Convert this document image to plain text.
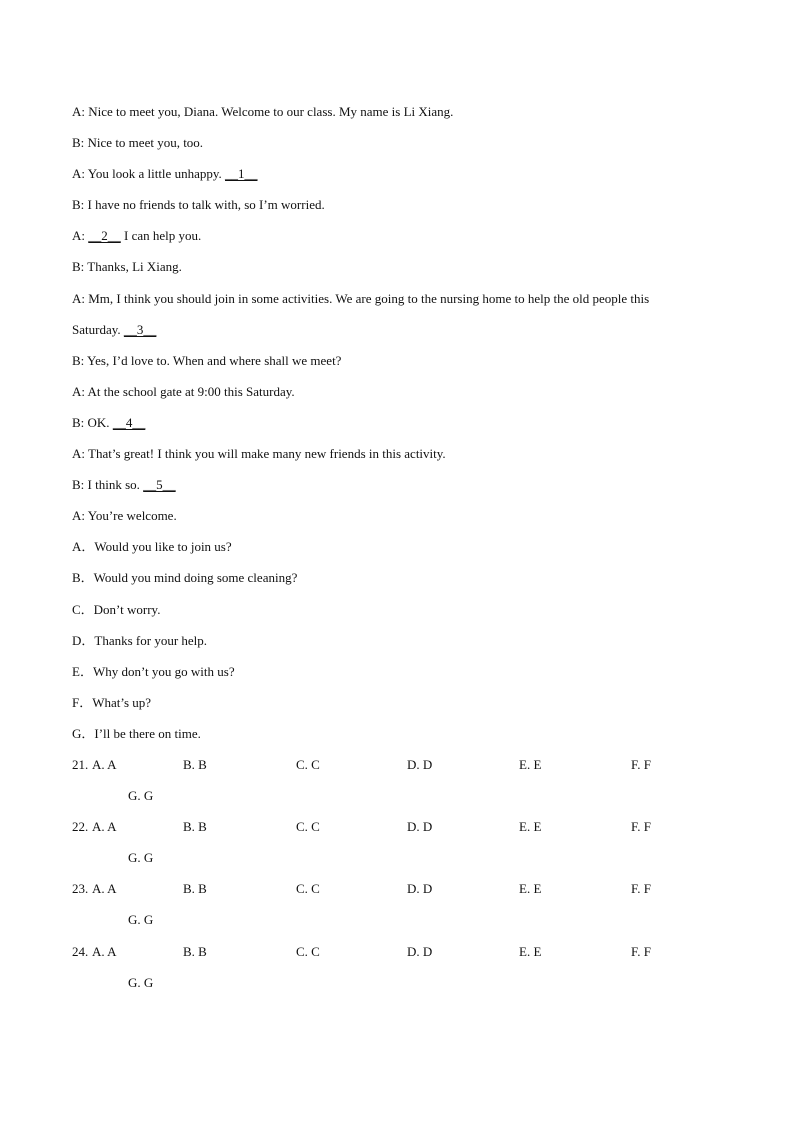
A: Nice to meet you, Diana. Welcome to our class. My name is Li Xiang.
B: Nice to meet you, too.
A: You look a little unhappy. __1__
B: I have no friends to talk with, so I’m worried.
A: __2__ I can help you.
B: Thanks, Li Xiang.
A: Mm, I think you should join in some activities. We are going to the nursing home to help the old people this
Saturday. __3__
B: Yes, I’d love to. When and where shall we meet?
A: At the school gate at 9:00 this Saturday.
B: OK. __4__
A: That’s great! I think you will make many new friends in this activity.
B: I think so. __5__
A: You’re welcome.
A．Would you like to join us?
B．Would you mind doing some cleaning?
C．Don’t worry.
D．Thanks for your help.
E．Why don’t you go with us?
F．What’s up?
G．I’ll be there on time.
21. A. A	B. B	C. C	D. D	E. E	F. F
G. G
22. A. A	B. B	C. C	D. D	E. E	F. F
G. G
23. A. A	B. B	C. C	D. D	E. E	F. F
G. G
24. A. A	B. B	C. C	D. D	E. E	F. F
G. G
